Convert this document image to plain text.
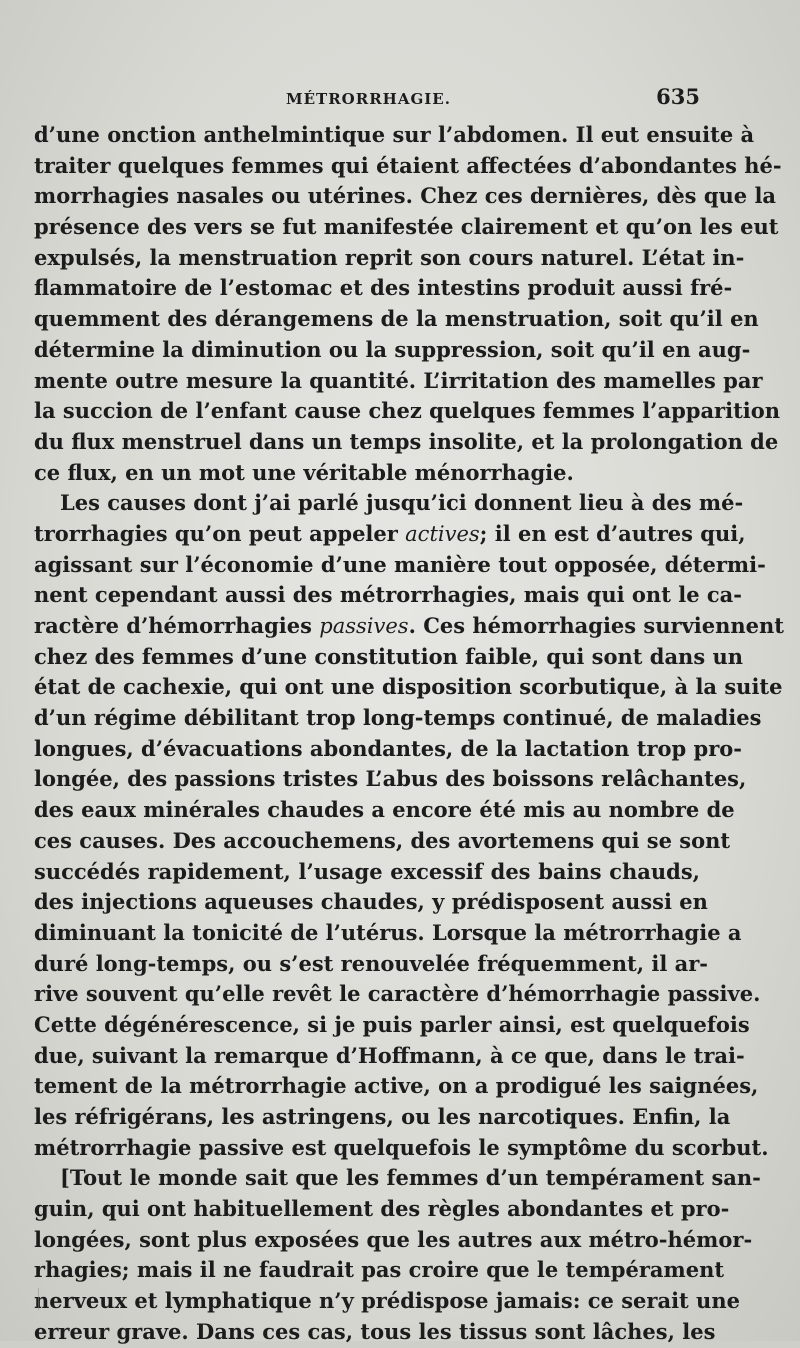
MÉTRORRHAGIE.	635
d’une onction anthelmintique sur l’abdomen. Il eut ensuite à
traiter quelques femmes qui étaient affectées d’abondantes hé-
morrhagies nasales ou utérines. Chez ces dernières, dès que la
présence des vers se fut manifestée clairement et qu’on les eut
expulsés, la menstruation reprit son cours naturel. L’état in-
flammatoire de l’estomac et des intestins produit aussi fré-
quemment des dérangemens de la menstruation, soit qu’il en
détermine la diminution ou la suppression, soit qu’il en aug-
mente outre mesure la quantité. L’irritation des mamelles par
la succion de l’enfant cause chez quelques femmes l’apparition
du flux menstruel dans un temps insolite, et la prolongation de
ce flux, en un mot une véritable ménorrhagie.
Les causes dont j’ai parlé jusqu’ici donnent lieu à des mé-
trorrhagies qu’on peut appeler actives; il en est d’autres qui,
agissant sur l’économie d’une manière tout opposée, détermi-
nent cependant aussi des métrorrhagies, mais qui ont le ca-
ractère d’hémorrhagies passives. Ces hémorrhagies surviennent
chez des femmes d’une constitution faible, qui sont dans un
état de cachexie, qui ont une disposition scorbutique, à la suite
d’un régime débilitant trop long-temps continué, de maladies
longues, d’évacuations abondantes, de la lactation trop pro-
longée, des passions tristes L’abus des boissons relâchantes,
des eaux minérales chaudes a encore été mis au nombre de
ces causes. Des accouchemens, des avortemens qui se sont
succédés rapidement, l’usage excessif des bains chauds,
des injections aqueuses chaudes, y prédisposent aussi en
diminuant la tonicité de l’utérus. Lorsque la métrorrhagie a
duré long-temps, ou s’est renouvelée fréquemment, il ar-
rive souvent qu’elle revêt le caractère d’hémorrhagie passive.
Cette dégénérescence, si je puis parler ainsi, est quelquefois
due, suivant la remarque d’Hoffmann, à ce que, dans le trai-
tement de la métrorrhagie active, on a prodigué les saignées,
les réfrigérans, les astringens, ou les narcotiques. Enfin, la
métrorrhagie passive est quelquefois le symptôme du scorbut.
[Tout le monde sait que les femmes d’un tempérament san-
guin, qui ont habituellement des règles abondantes et pro-
longées, sont plus exposées que les autres aux métro-hémor-
rhagies; mais il ne faudrait pas croire que le tempérament
nerveux et lymphatique n’y prédispose jamais: ce serait une
erreur grave. Dans ces cas, tous les tissus sont lâches, les
